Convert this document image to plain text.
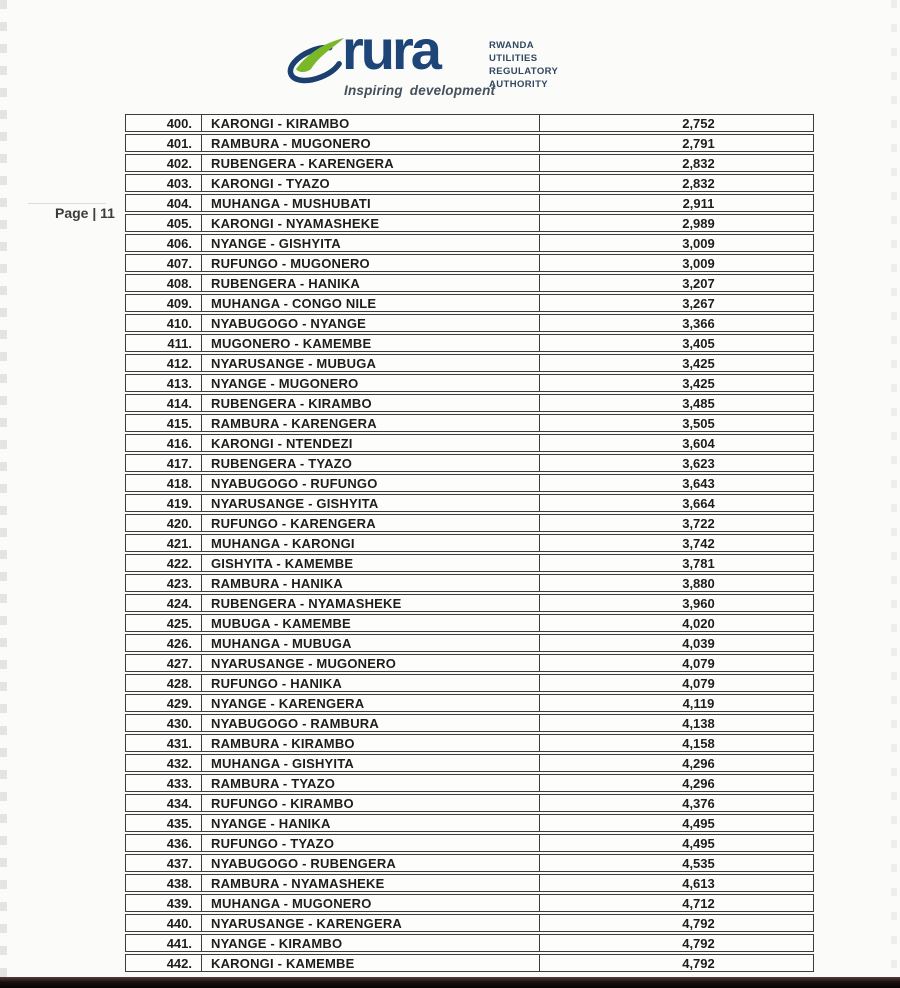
rura
Inspiring development
RWANDA
UTILITIES
REGULATORY
AUTHORITY
Page | 11
400.	KARONGI - KIRAMBO	2,752
401.	RAMBURA - MUGONERO	2,791
402.	RUBENGERA - KARENGERA	2,832
403.	KARONGI - TYAZO	2,832
404.	MUHANGA - MUSHUBATI	2,911
405.	KARONGI - NYAMASHEKE	2,989
406.	NYANGE - GISHYITA	3,009
407.	RUFUNGO - MUGONERO	3,009
408.	RUBENGERA - HANIKA	3,207
409.	MUHANGA - CONGO NILE	3,267
410.	NYABUGOGO - NYANGE	3,366
411.	MUGONERO - KAMEMBE	3,405
412.	NYARUSANGE - MUBUGA	3,425
413.	NYANGE - MUGONERO	3,425
414.	RUBENGERA - KIRAMBO	3,485
415.	RAMBURA - KARENGERA	3,505
416.	KARONGI - NTENDEZI	3,604
417.	RUBENGERA - TYAZO	3,623
418.	NYABUGOGO - RUFUNGO	3,643
419.	NYARUSANGE - GISHYITA	3,664
420.	RUFUNGO - KARENGERA	3,722
421.	MUHANGA - KARONGI	3,742
422.	GISHYITA - KAMEMBE	3,781
423.	RAMBURA - HANIKA	3,880
424.	RUBENGERA - NYAMASHEKE	3,960
425.	MUBUGA - KAMEMBE	4,020
426.	MUHANGA - MUBUGA	4,039
427.	NYARUSANGE - MUGONERO	4,079
428.	RUFUNGO - HANIKA	4,079
429.	NYANGE - KARENGERA	4,119
430.	NYABUGOGO - RAMBURA	4,138
431.	RAMBURA - KIRAMBO	4,158
432.	MUHANGA - GISHYITA	4,296
433.	RAMBURA - TYAZO	4,296
434.	RUFUNGO - KIRAMBO	4,376
435.	NYANGE - HANIKA	4,495
436.	RUFUNGO - TYAZO	4,495
437.	NYABUGOGO - RUBENGERA	4,535
438.	RAMBURA - NYAMASHEKE	4,613
439.	MUHANGA - MUGONERO	4,712
440.	NYARUSANGE - KARENGERA	4,792
441.	NYANGE - KIRAMBO	4,792
442.	KARONGI - KAMEMBE	4,792
